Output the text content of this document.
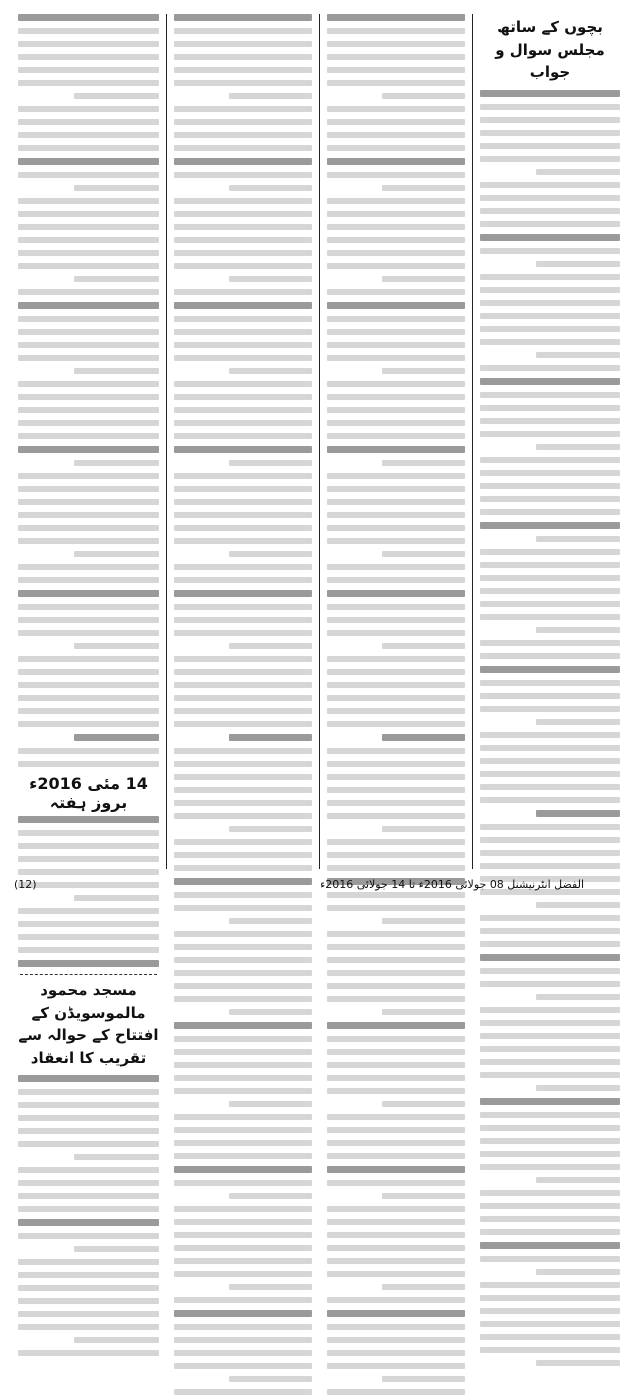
بچوں کے ساتھ مجلس سوال و جواب
14 مئی 2016ء بروز ہفتہ
مسجد محمود مالموسویڈن کے افتتاح کے حوالہ سے تقریب کا انعقاد
(12)	الفضل انٹرنیشنل 08 جولائی 2016ء تا 14 جولائی 2016ء
